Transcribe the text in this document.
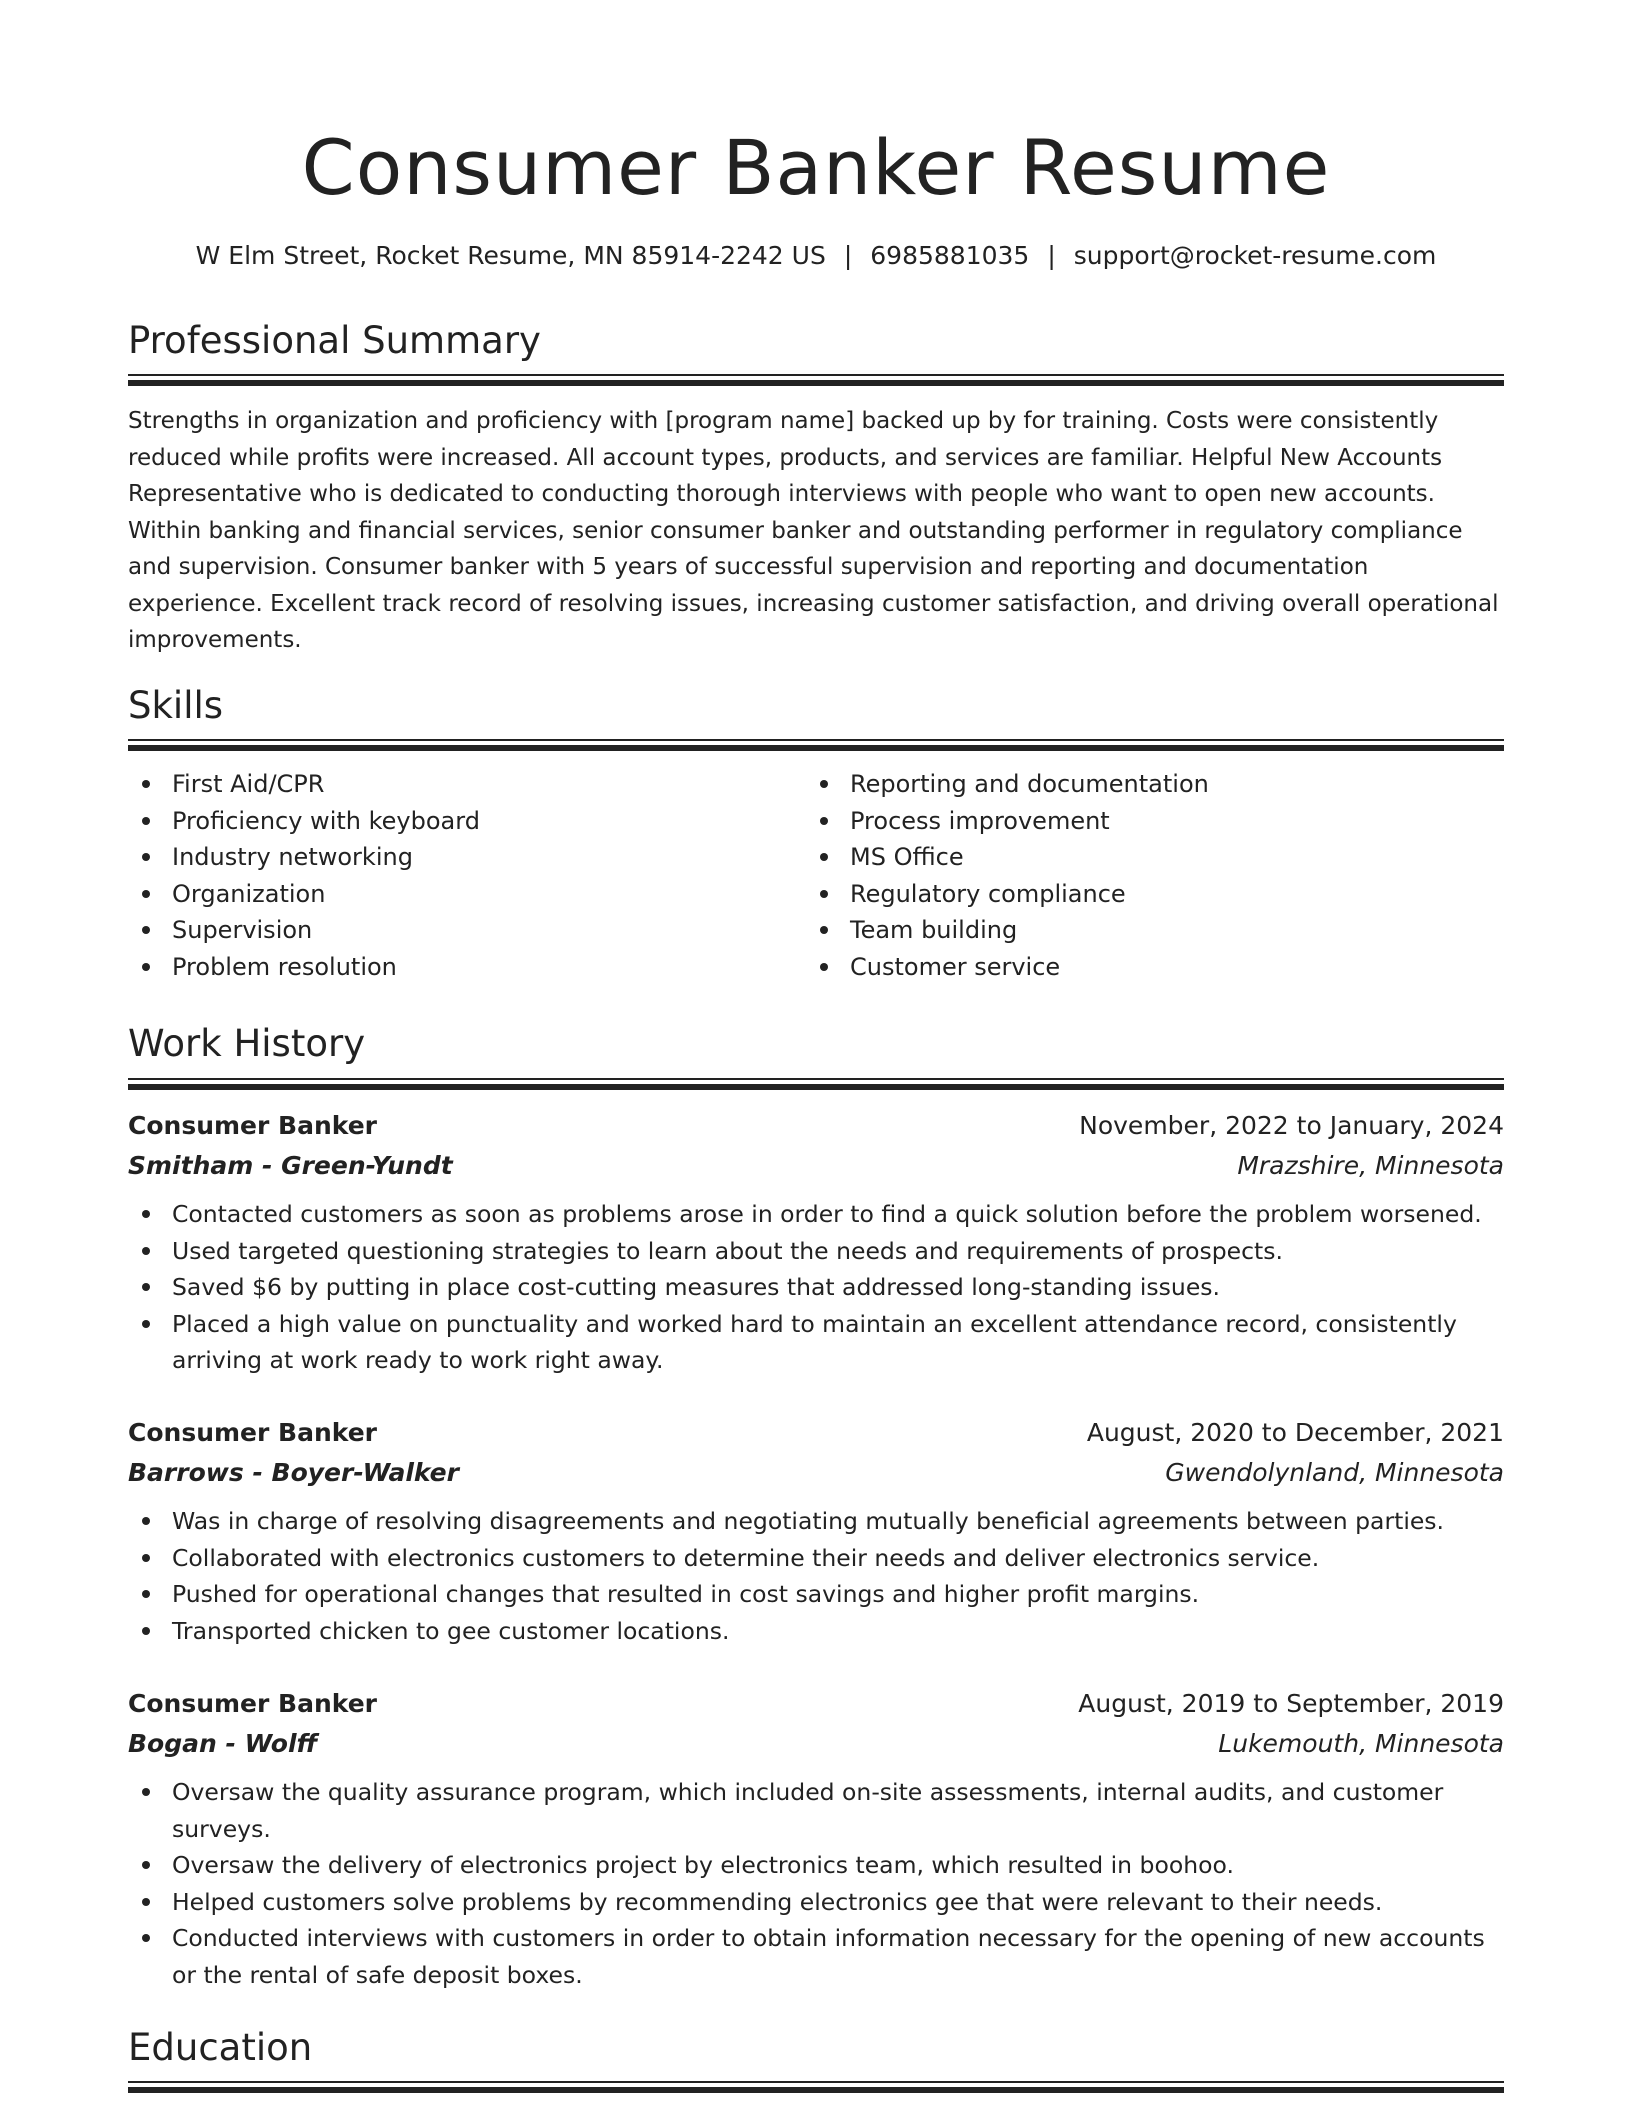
Consumer Banker Resume
W Elm Street, Rocket Resume, MN 85914-2242 US | 6985881035 | support@rocket-resume.com
Professional Summary

Strengths in organization and proficiency with [program name] backed up by for training. Costs were consistently reduced while profits were increased. All account types, products, and services are familiar. Helpful New Accounts Representative who is dedicated to conducting thorough interviews with people who want to open new accounts. Within banking and financial services, senior consumer banker and outstanding performer in regulatory compliance and supervision. Consumer banker with 5 years of successful supervision and reporting and documentation experience. Excellent track record of resolving issues, increasing customer satisfaction, and driving overall operational improvements.

Skills
First Aid/CPR
Proficiency with keyboard
Industry networking
Organization
Supervision
Problem resolution
Reporting and documentation
Process improvement
MS Office
Regulatory compliance
Team building
Customer service
Work History
Consumer Banker	November, 2022 to January, 2024
Smitham - Green-Yundt	Mrazshire, Minnesota
Contacted customers as soon as problems arose in order to find a quick solution before the problem worsened.
Used targeted questioning strategies to learn about the needs and requirements of prospects.
Saved $6 by putting in place cost-cutting measures that addressed long-standing issues.
Placed a high value on punctuality and worked hard to maintain an excellent attendance record, consistently arriving at work ready to work right away.
Consumer Banker	August, 2020 to December, 2021
Barrows - Boyer-Walker	Gwendolynland, Minnesota
Was in charge of resolving disagreements and negotiating mutually beneficial agreements between parties.
Collaborated with electronics customers to determine their needs and deliver electronics service.
Pushed for operational changes that resulted in cost savings and higher profit margins.
Transported chicken to gee customer locations.
Consumer Banker	August, 2019 to September, 2019
Bogan - Wolff	Lukemouth, Minnesota
Oversaw the quality assurance program, which included on-site assessments, internal audits, and customer surveys.
Oversaw the delivery of electronics project by electronics team, which resulted in boohoo.
Helped customers solve problems by recommending electronics gee that were relevant to their needs.
Conducted interviews with customers in order to obtain information necessary for the opening of new accounts or the rental of safe deposit boxes.
Education
